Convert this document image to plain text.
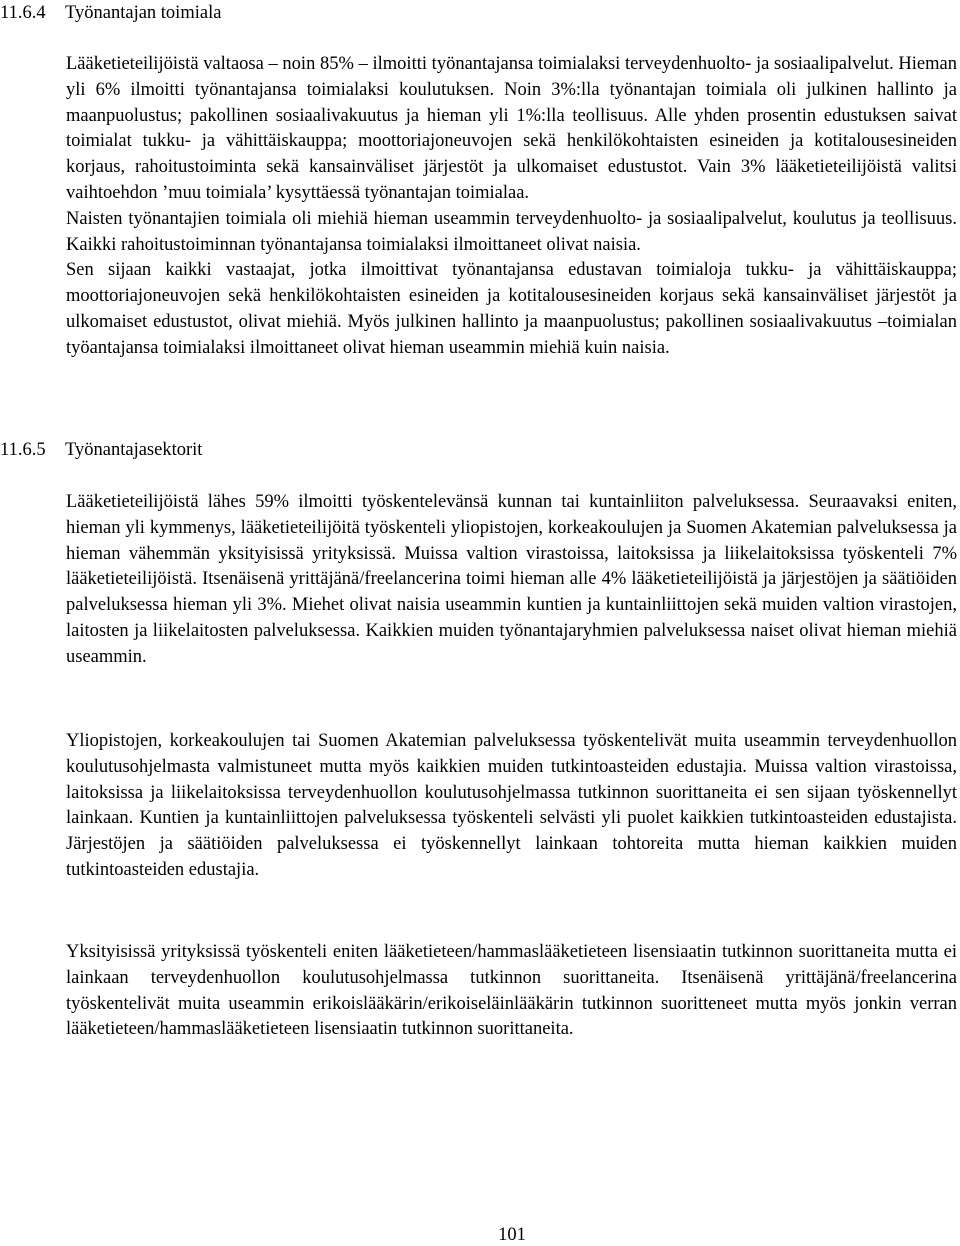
11.6.4 Työnantajan toimiala
Lääketieteilijöistä valtaosa – noin 85% – ilmoitti työnantajansa toimialaksi terveydenhuolto- ja sosiaalipalvelut. Hieman yli 6% ilmoitti työnantajansa toimialaksi koulutuksen. Noin 3%:lla työnantajan toimiala oli julkinen hallinto ja maanpuolustus; pakollinen sosiaalivakuutus ja hieman yli 1%:lla teollisuus. Alle yhden prosentin edustuksen saivat toimialat tukku- ja vähittäiskauppa; moottoriajoneuvojen sekä henkilökohtaisten esineiden ja kotitalousesineiden korjaus, rahoitustoiminta sekä kansainväliset järjestöt ja ulkomaiset edustustot. Vain 3% lääketieteilijöistä valitsi vaihtoehdon ’muu toimiala’ kysyttäessä työnantajan toimialaa.
Naisten työnantajien toimiala oli miehiä hieman useammin terveydenhuolto- ja sosiaalipalvelut, koulutus ja teollisuus. Kaikki rahoitustoiminnan työnantajansa toimialaksi ilmoittaneet olivat naisia.
Sen sijaan kaikki vastaajat, jotka ilmoittivat työnantajansa edustavan toimialoja tukku- ja vähittäiskauppa; moottoriajoneuvojen sekä henkilökohtaisten esineiden ja kotitalousesineiden korjaus sekä kansainväliset järjestöt ja ulkomaiset edustustot, olivat miehiä. Myös julkinen hallinto ja maanpuolustus; pakollinen sosiaalivakuutus –toimialan työantajansa toimialaksi ilmoittaneet olivat hieman useammin miehiä kuin naisia.
11.6.5 Työnantajasektorit
Lääketieteilijöistä lähes 59% ilmoitti työskentelevänsä kunnan tai kuntainliiton palveluksessa. Seuraavaksi eniten, hieman yli kymmenys, lääketieteilijöitä työskenteli yliopistojen, korkeakoulujen ja Suomen Akatemian palveluksessa ja hieman vähemmän yksityisissä yrityksissä. Muissa valtion virastoissa, laitoksissa ja liikelaitoksissa työskenteli 7% lääketieteilijöistä. Itsenäisenä yrittäjänä/freelancerina toimi hieman alle 4% lääketieteilijöistä ja järjestöjen ja säätiöiden palveluksessa hieman yli 3%. Miehet olivat naisia useammin kuntien ja kuntainliittojen sekä muiden valtion virastojen, laitosten ja liikelaitosten palveluksessa. Kaikkien muiden työnantajaryhmien palveluksessa naiset olivat hieman miehiä useammin.
Yliopistojen, korkeakoulujen tai Suomen Akatemian palveluksessa työskentelivät muita useammin terveydenhuollon koulutusohjelmasta valmistuneet mutta myös kaikkien muiden tutkintoasteiden edustajia. Muissa valtion virastoissa, laitoksissa ja liikelaitoksissa terveydenhuollon koulutusohjelmassa tutkinnon suorittaneita ei sen sijaan työskennellyt lainkaan. Kuntien ja kuntainliittojen palveluksessa työskenteli selvästi yli puolet kaikkien tutkintoasteiden edustajista. Järjestöjen ja säätiöiden palveluksessa ei työskennellyt lainkaan tohtoreita mutta hieman kaikkien muiden tutkintoasteiden edustajia.
Yksityisissä yrityksissä työskenteli eniten lääketieteen/hammaslääketieteen lisensiaatin tutkinnon suorittaneita mutta ei lainkaan terveydenhuollon koulutusohjelmassa tutkinnon suorittaneita. Itsenäisenä yrittäjänä/freelancerina työskentelivät muita useammin erikoislääkärin/erikoiseläinlääkärin tutkinnon suoritteneet mutta myös jonkin verran lääketieteen/hammaslääketieteen lisensiaatin tutkinnon suorittaneita.
101
